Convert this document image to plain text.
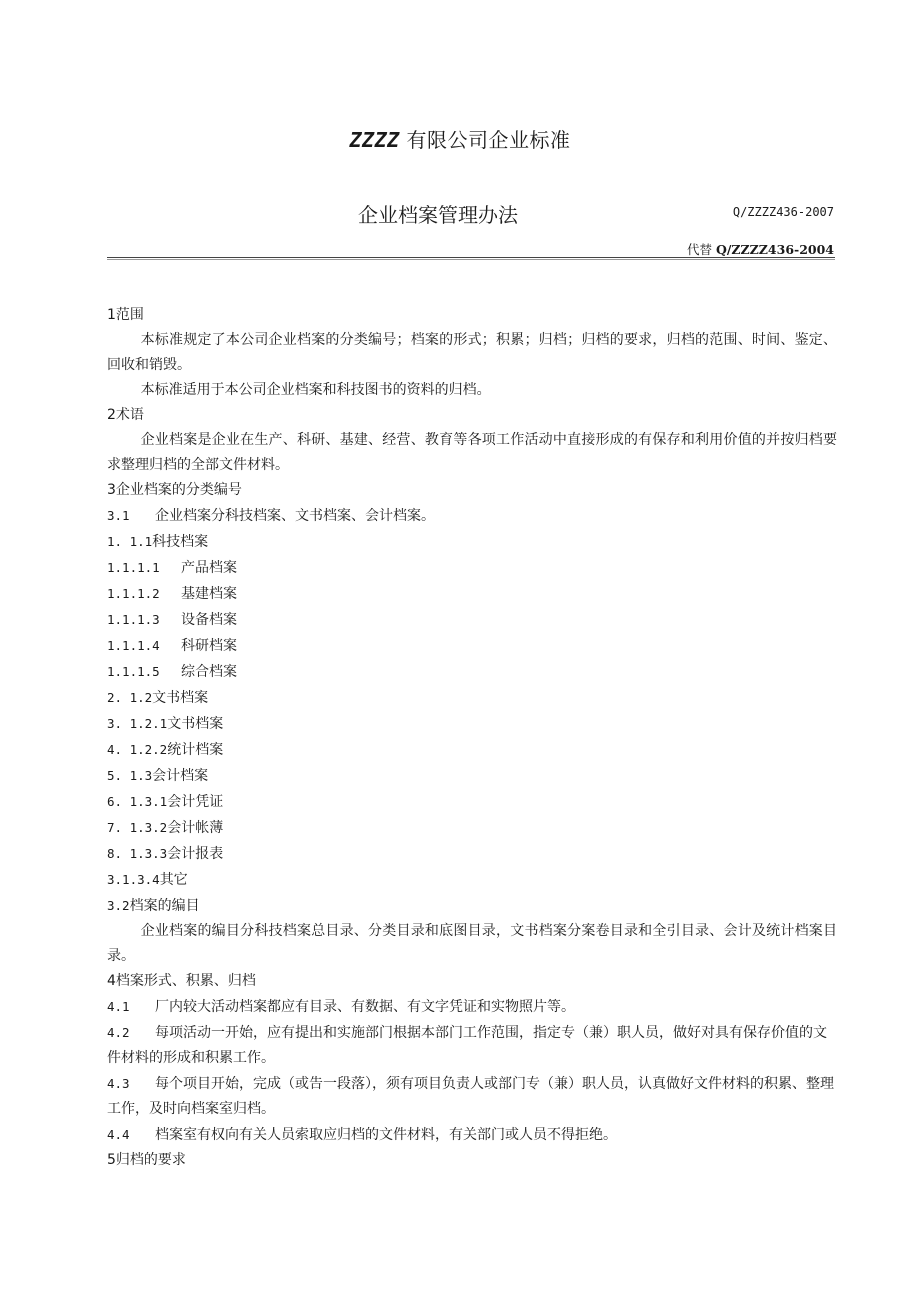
ZZZZ 有限公司企业标准
企业档案管理办法	Q/ZZZZ436-2007
代替 Q/ZZZZ436-2004

1范围

本标准规定了本公司企业档案的分类编号；档案的形式；积累；归档；归档的要求，归档的范围、时间、鉴定、回收和销毁。

本标准适用于本公司企业档案和科技图书的资料的归档。

2术语

企业档案是企业在生产、科研、基建、经营、教育等各项工作活动中直接形成的有保存和利用价值的并按归档要求整理归档的全部文件材料。

3企业档案的分类编号

3.1 企业档案分科技档案、文书档案、会计档案。

1. 1.1科技档案

1.1.1.1 产品档案

1.1.1.2 基建档案

1.1.1.3 设备档案

1.1.1.4 科研档案

1.1.1.5 综合档案

2. 1.2文书档案

3. 1.2.1文书档案

4. 1.2.2统计档案

5. 1.3会计档案

6. 1.3.1会计凭证

7. 1.3.2会计帐薄

8. 1.3.3会计报表

3.1.3.4其它

3.2档案的编目

企业档案的编目分科技档案总目录、分类目录和底图目录，文书档案分案卷目录和全引目录、会计及统计档案目录。

4档案形式、积累、归档

4.1 厂内较大活动档案都应有目录、有数据、有文字凭证和实物照片等。

4.2 每项活动一开始，应有提出和实施部门根据本部门工作范围，指定专（兼）职人员，做好对具有保存价值的文件材料的形成和积累工作。

4.3 每个项目开始，完成（或告一段落），须有项目负责人或部门专（兼）职人员，认真做好文件材料的积累、整理工作，及时向档案室归档。

4.4 档案室有权向有关人员索取应归档的文件材料，有关部门或人员不得拒绝。

5归档的要求
